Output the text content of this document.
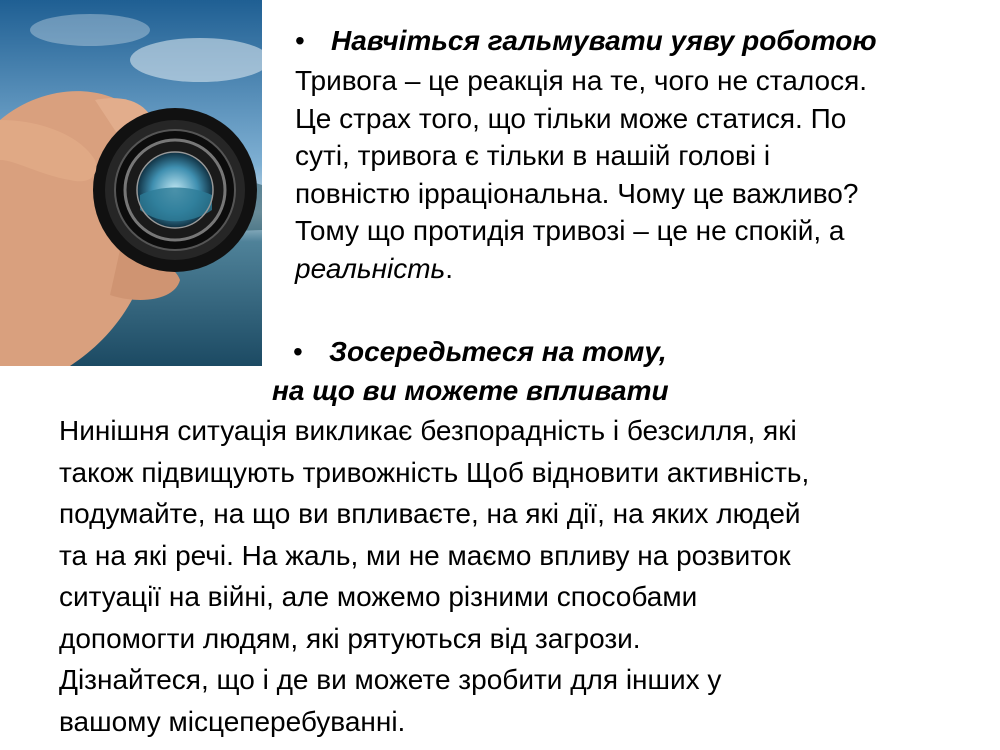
• Навчіться гальмувати уяву роботою

Тривога – це реакція на те, чого не сталося.

Це страх того, що тільки може статися. По

суті, тривога є тільки в нашій голові і

повністю ірраціональна. Чому це важливо?

Тому що протидія тривозі – це не спокій, а

реальність.

• Зосередьтеся на тому,
на що ви можете впливати

Нинішня ситуація викликає безпорадність і безсилля, які

також підвищують тривожність Щоб відновити активність,

подумайте, на що ви впливаєте, на які дії, на яких людей

та на які речі. На жаль, ми не маємо впливу на розвиток

ситуації на війні, але можемо різними способами

допомогти людям, які рятуються від загрози.

Дізнайтеся, що і де ви можете зробити для інших у

вашому місцеперебуванні.
